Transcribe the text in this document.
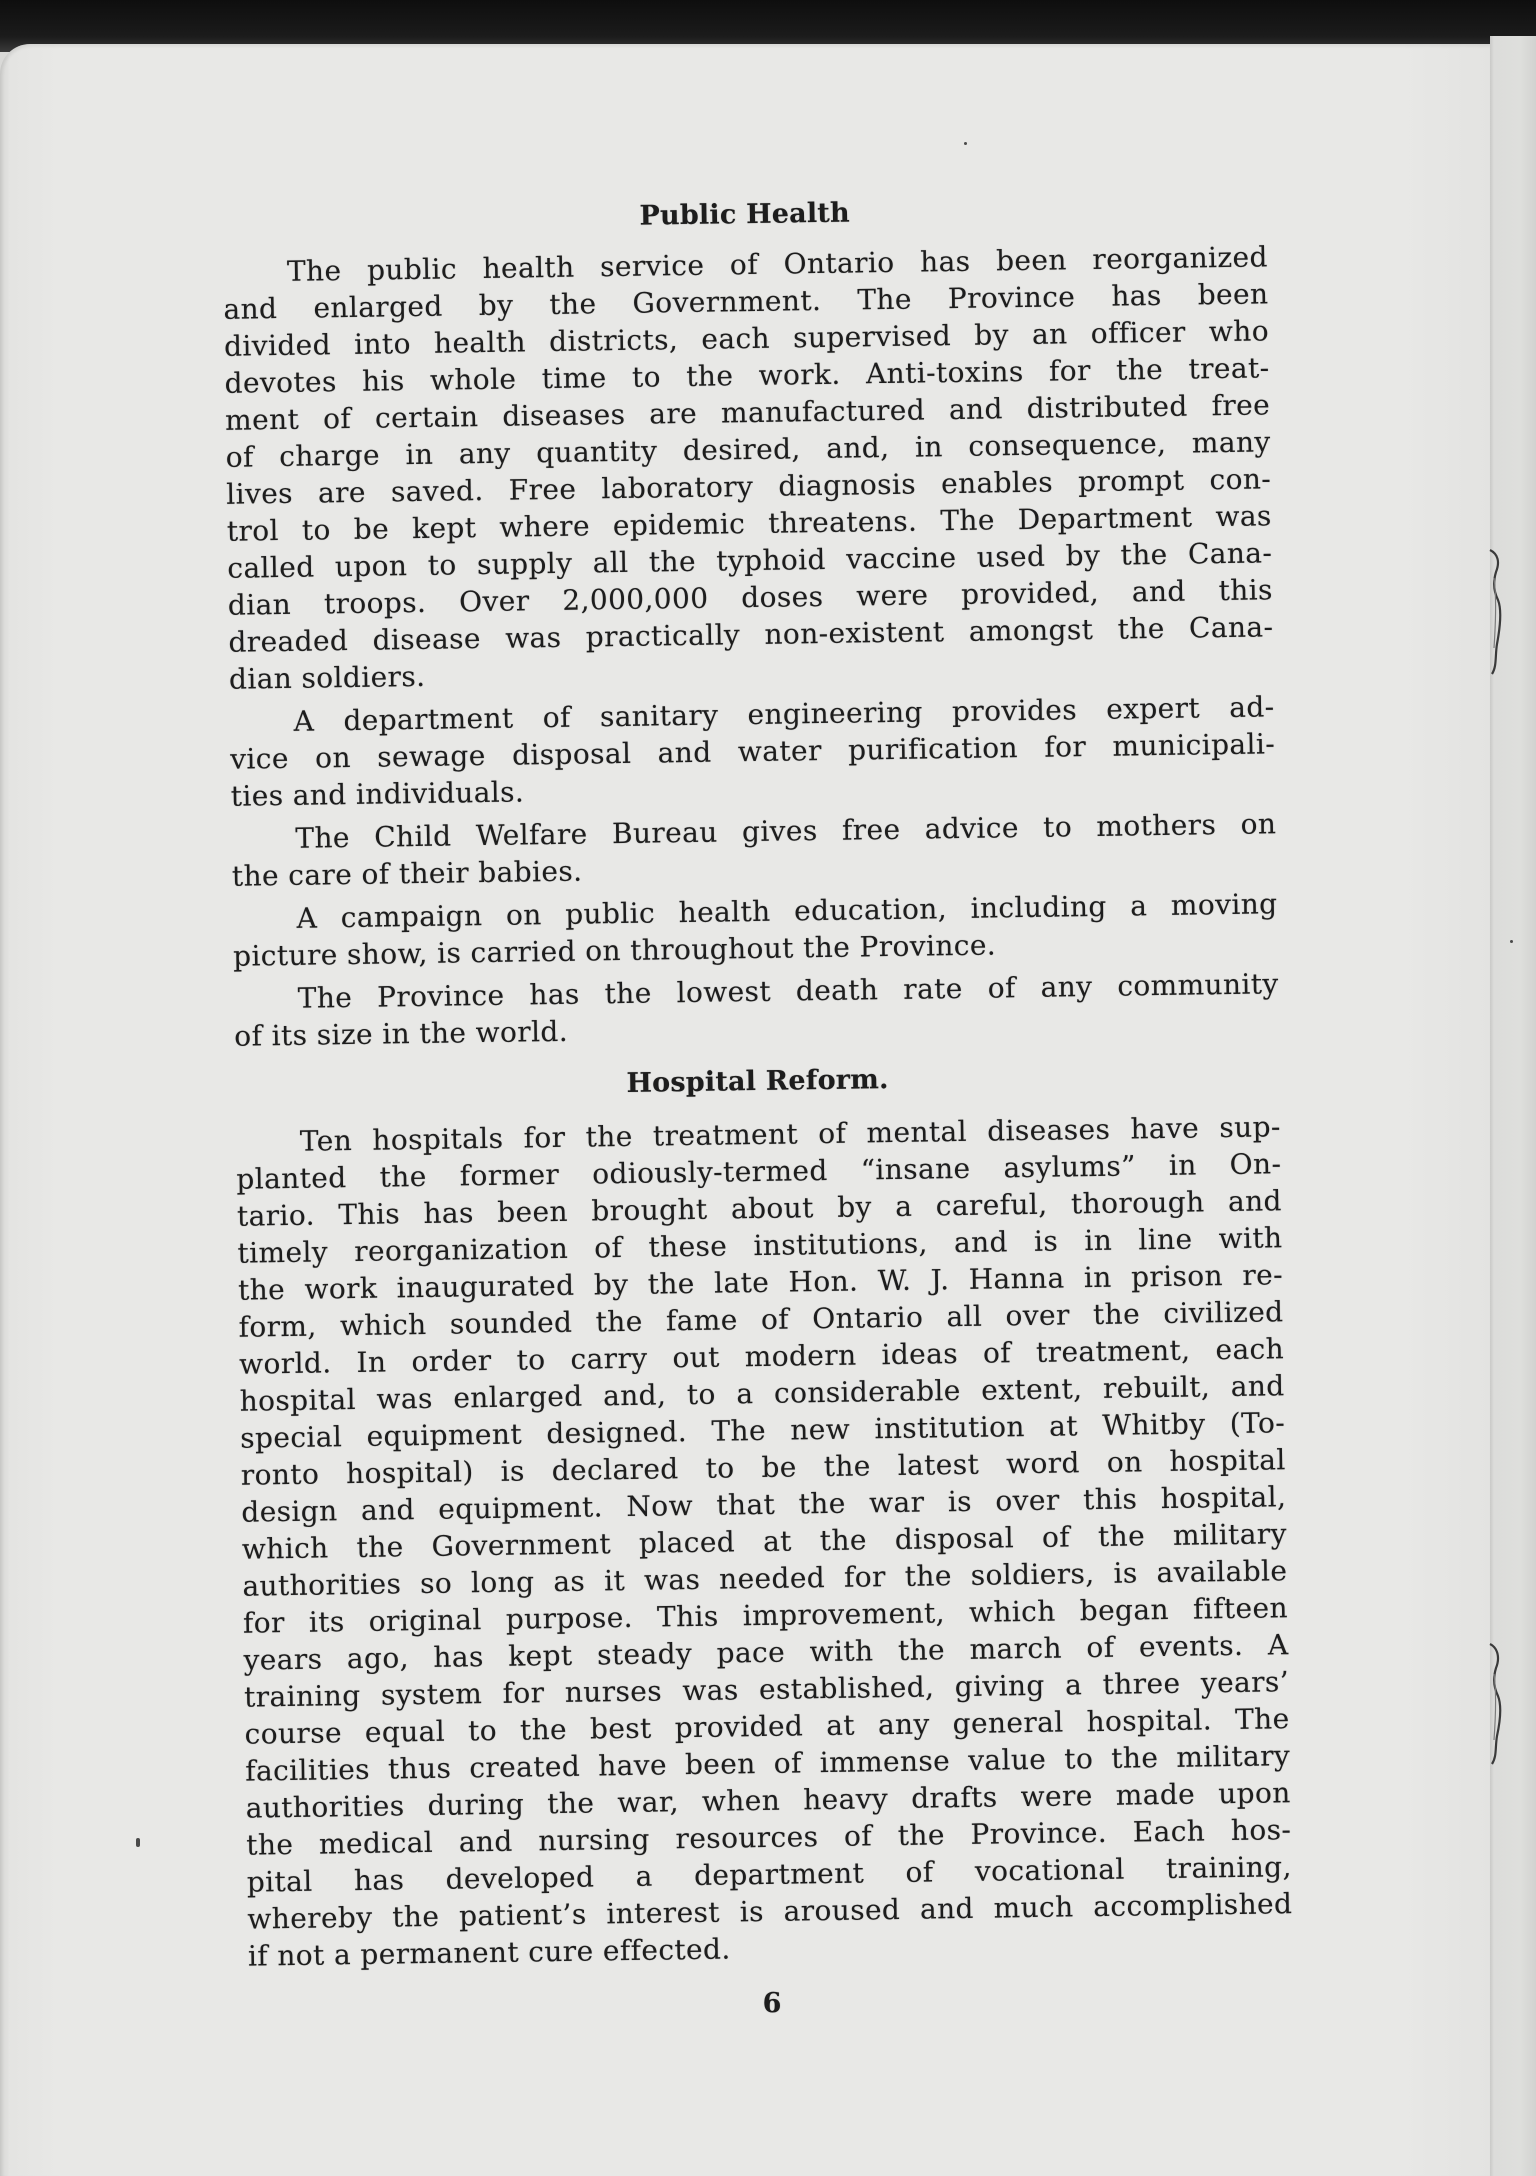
Public Health
The public health service of Ontario has been reorganized
and enlarged by the Government. The Province has been
divided into health districts, each supervised by an officer who
devotes his whole time to the work. Anti-toxins for the treat-
ment of certain diseases are manufactured and distributed free
of charge in any quantity desired, and, in consequence, many
lives are saved. Free laboratory diagnosis enables prompt con-
trol to be kept where epidemic threatens. The Department was
called upon to supply all the typhoid vaccine used by the Cana-
dian troops. Over 2,000,000 doses were provided, and this
dreaded disease was practically non-existent amongst the Cana-
dian soldiers.
A department of sanitary engineering provides expert ad-
vice on sewage disposal and water purification for municipali-
ties and individuals.
The Child Welfare Bureau gives free advice to mothers on
the care of their babies.
A campaign on public health education, including a moving
picture show, is carried on throughout the Province.
The Province has the lowest death rate of any community
of its size in the world.
Hospital Reform.
Ten hospitals for the treatment of mental diseases have sup-
planted the former odiously-termed “insane asylums” in On-
tario. This has been brought about by a careful, thorough and
timely reorganization of these institutions, and is in line with
the work inaugurated by the late Hon. W. J. Hanna in prison re-
form, which sounded the fame of Ontario all over the civilized
world. In order to carry out modern ideas of treatment, each
hospital was enlarged and, to a considerable extent, rebuilt, and
special equipment designed. The new institution at Whitby (To-
ronto hospital) is declared to be the latest word on hospital
design and equipment. Now that the war is over this hospital,
which the Government placed at the disposal of the military
authorities so long as it was needed for the soldiers, is available
for its original purpose. This improvement, which began fifteen
years ago, has kept steady pace with the march of events. A
training system for nurses was established, giving a three years’
course equal to the best provided at any general hospital. The
facilities thus created have been of immense value to the military
authorities during the war, when heavy drafts were made upon
the medical and nursing resources of the Province. Each hos-
pital has developed a department of vocational training,
whereby the patient’s interest is aroused and much accomplished
if not a permanent cure effected.
6
